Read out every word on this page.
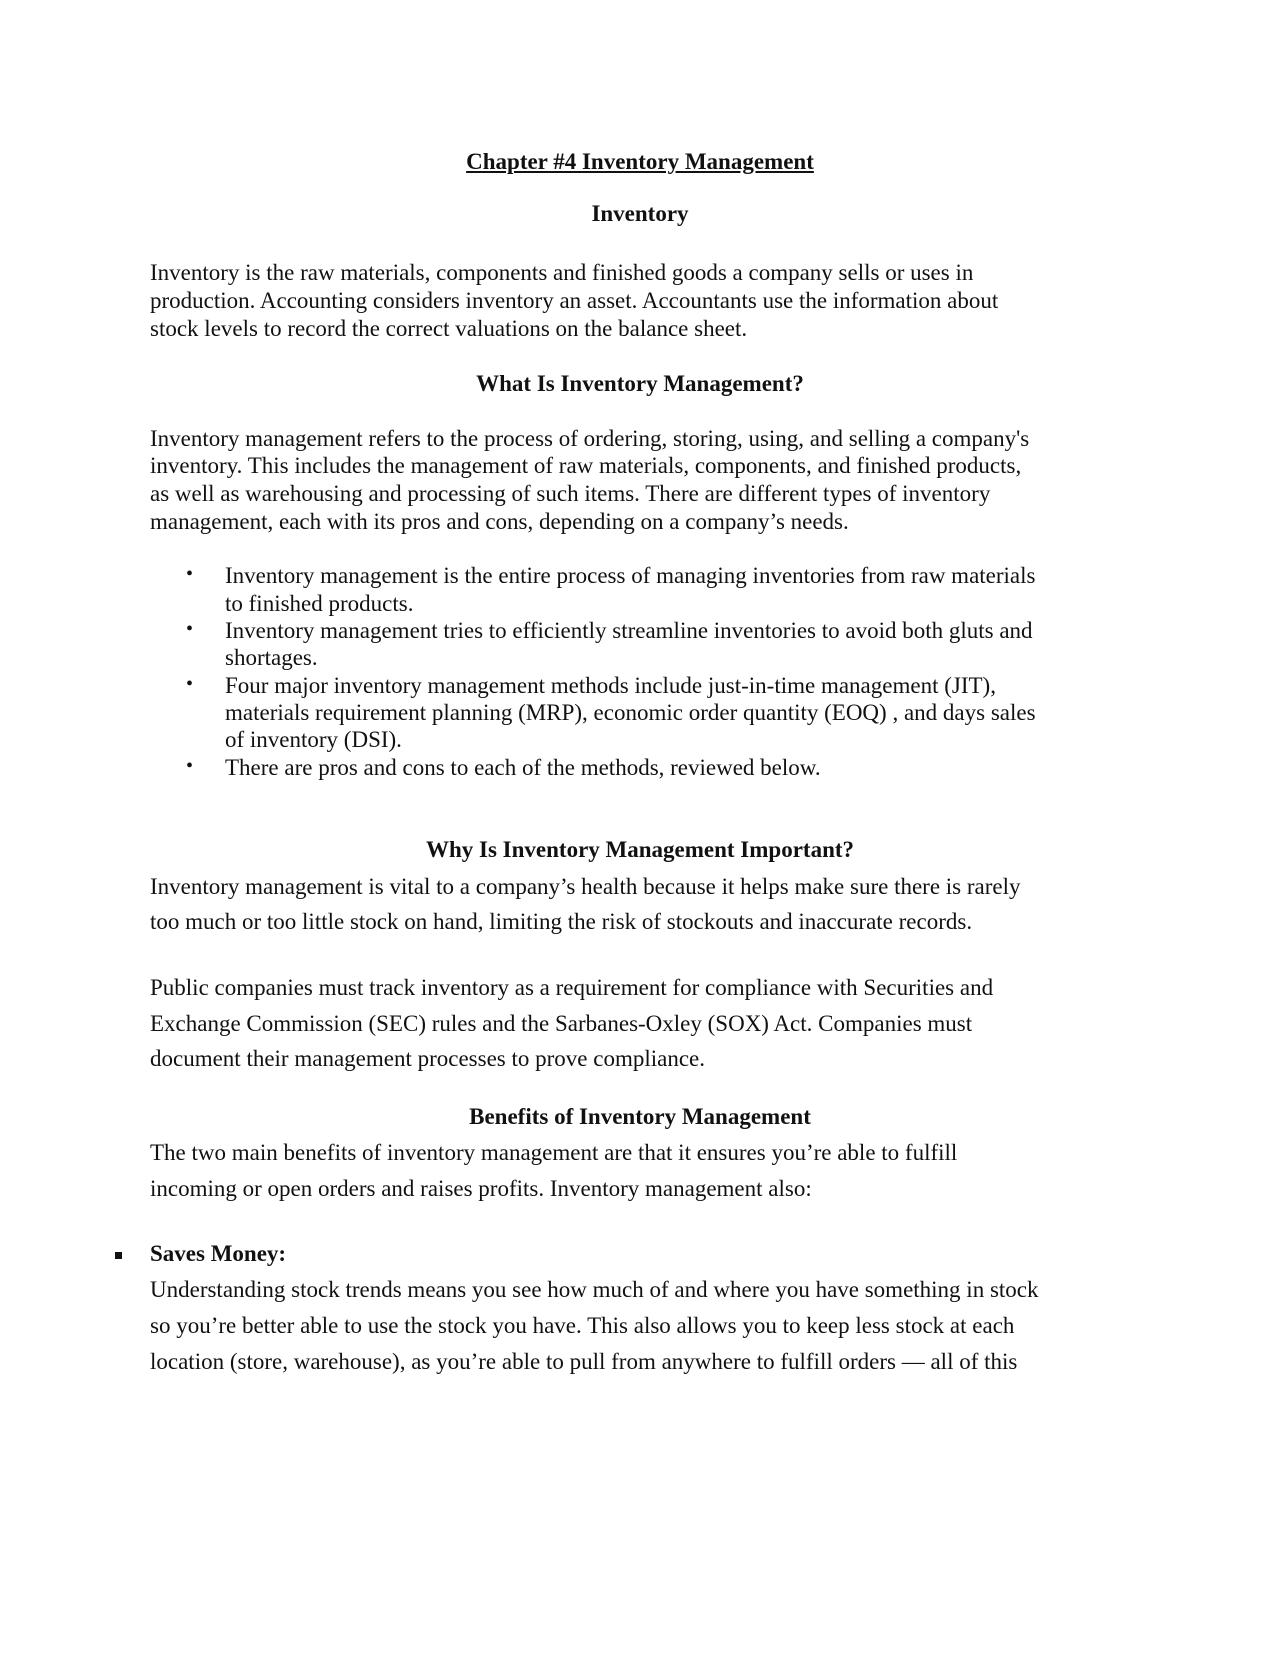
Chapter #4 Inventory Management

Inventory

Inventory is the raw materials, components and finished goods a company sells or uses in

production. Accounting considers inventory an asset. Accountants use the information about

stock levels to record the correct valuations on the balance sheet.

What Is Inventory Management?

Inventory management refers to the process of ordering, storing, using, and selling a company's

inventory. This includes the management of raw materials, components, and finished products,

as well as warehousing and processing of such items. There are different types of inventory

management, each with its pros and cons, depending on a company’s needs.

• Inventory management is the entire process of managing inventories from raw materials

to finished products.

• Inventory management tries to efficiently streamline inventories to avoid both gluts and

shortages.

• Four major inventory management methods include just-in-time management (JIT),

materials requirement planning (MRP), economic order quantity (EOQ) , and days sales

of inventory (DSI).

• There are pros and cons to each of the methods, reviewed below.

Why Is Inventory Management Important?

Inventory management is vital to a company’s health because it helps make sure there is rarely

too much or too little stock on hand, limiting the risk of stockouts and inaccurate records.

Public companies must track inventory as a requirement for compliance with Securities and

Exchange Commission (SEC) rules and the Sarbanes-Oxley (SOX) Act. Companies must

document their management processes to prove compliance.

Benefits of Inventory Management

The two main benefits of inventory management are that it ensures you’re able to fulfill

incoming or open orders and raises profits. Inventory management also:

Saves Money:

Understanding stock trends means you see how much of and where you have something in stock

so you’re better able to use the stock you have. This also allows you to keep less stock at each

location (store, warehouse), as you’re able to pull from anywhere to fulfill orders — all of this
